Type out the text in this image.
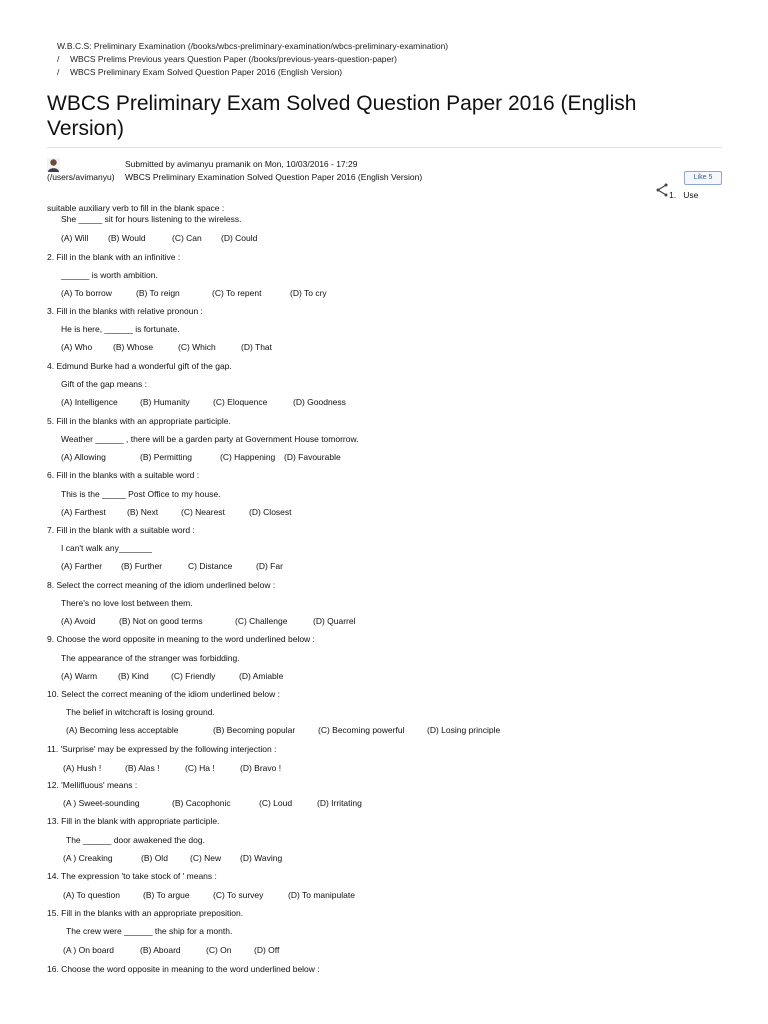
W.B.C.S: Preliminary Examination (/books/wbcs-preliminary-examination/wbcs-preliminary-examination)
/ WBCS Prelims Previous years Question Paper (/books/previous-years-question-paper)
/ WBCS Preliminary Exam Solved Question Paper 2016 (English Version)
WBCS Preliminary Exam Solved Question Paper 2016 (English
Version)
Submitted by avimanyu pramanik on Mon, 10/03/2016 - 17:29
(/users/avimanyu) WBCS Preliminary Examination Solved Question Paper 2016 (English Version)	Like 5
1. Use
suitable auxiliary verb to fill in the blank space :
She _____ sit for hours listening to the wireless.
(A) Will (B) Would	(C) Can (D) Could
2. Fill in the blank with an infinitive :
______ is worth ambition.
(A) To borrow	(B) To reign	(C) To repent	(D) To cry
3. Fill in the blanks with relative pronoun :
He is here, ______ is fortunate.
(A) Who (B) Whose	(C) Which	(D) That
4. Edmund Burke had a wonderful gift of the gap.
Gift of the gap means :
(A) Intelligence	(B) Humanity	(C) Eloquence	(D) Goodness
5. Fill in the blanks with an appropriate participle.
Weather ______ , there will be a garden party at Government House tomorrow.
(A) Allowing	(B) Permitting	(C) Happening (D) Favourable
6. Fill in the blanks with a suitable word :
This is the _____ Post Office to my house.
(A) Farthest (B) Next	(C) Nearest	(D) Closest
7. Fill in the blank with a suitable word :
I can't walk any_______
(A) Farther (B) Further	C) Distance	(D) Far
8. Select the correct meaning of the idiom underlined below :
There's no love lost between them.
(A) Avoid	(B) Not on good terms	(C) Challenge	(D) Quarrel
9. Choose the word opposite in meaning to the word underlined below :
The appearance of the stranger was forbidding.
(A) Warm (B) Kind	(C) Friendly	(D) Amiable
10. Select the correct meaning of the idiom underlined below :
The belief in witchcraft is losing ground.
(A) Becoming less acceptable	(B) Becoming popular	(C) Becoming powerful	(D) Losing principle
11. 'Surprise' may be expressed by the following interjection :
(A) Hush !	(B) Alas !	(C) Ha !	(D) Bravo !
12. 'Mellifluous' means :
(A ) Sweet-sounding	(B) Cacophonic	(C) Loud	(D) Irritating
13. Fill in the blank with appropriate participle.
The ______ door awakened the dog.
(A ) Creaking	(B) Old	(C) New (D) Waving
14. The expression 'to take stock of ' means :
(A) To question	(B) To argue	(C) To survey	(D) To manipulate
15. Fill in the blanks with an appropriate preposition.
The crew were ______ the ship for a month.
(A ) On board	(B) Aboard	(C) On	(D) Off
16. Choose the word opposite in meaning to the word underlined below :
